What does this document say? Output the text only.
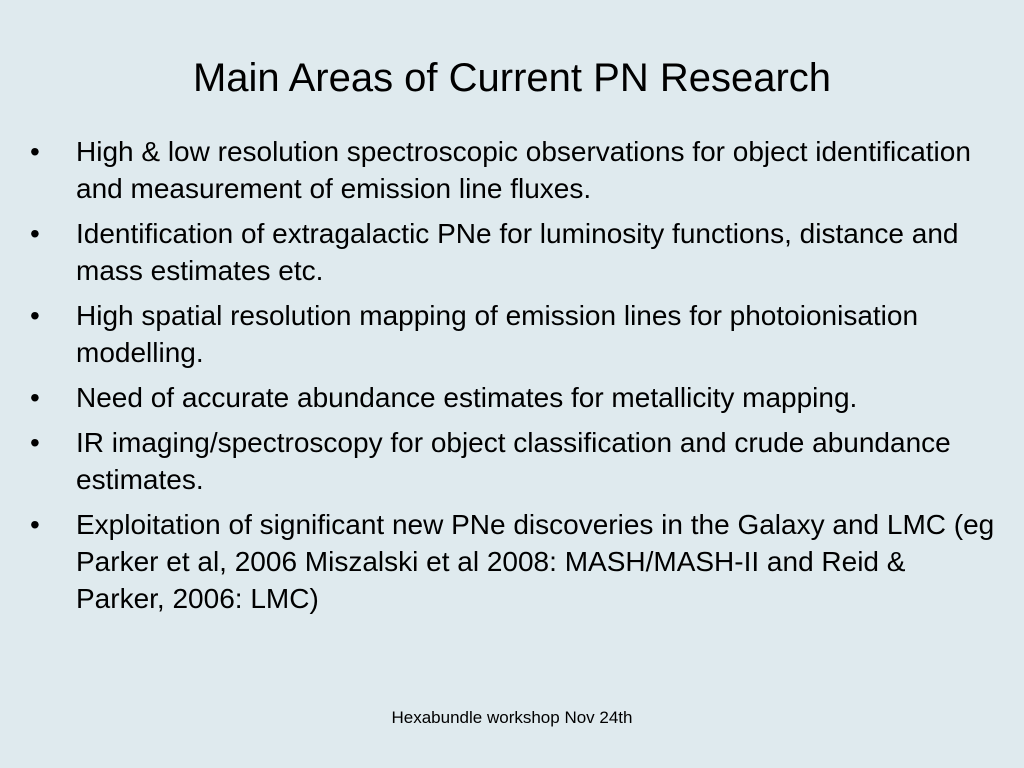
Main Areas of Current PN Research
• High & low resolution spectroscopic observations for object identification and measurement of emission line fluxes.
• Identification of extragalactic PNe for luminosity functions, distance and mass estimates etc.
• High spatial resolution mapping of emission lines for photoionisation modelling.
• Need of accurate abundance estimates for metallicity mapping.
• IR imaging/spectroscopy for object classification and crude abundance estimates.
• Exploitation of significant new PNe discoveries in the Galaxy and LMC (eg Parker et al, 2006 Miszalski et al 2008: MASH/MASH-II and Reid & Parker, 2006: LMC)
Hexabundle workshop Nov 24th
